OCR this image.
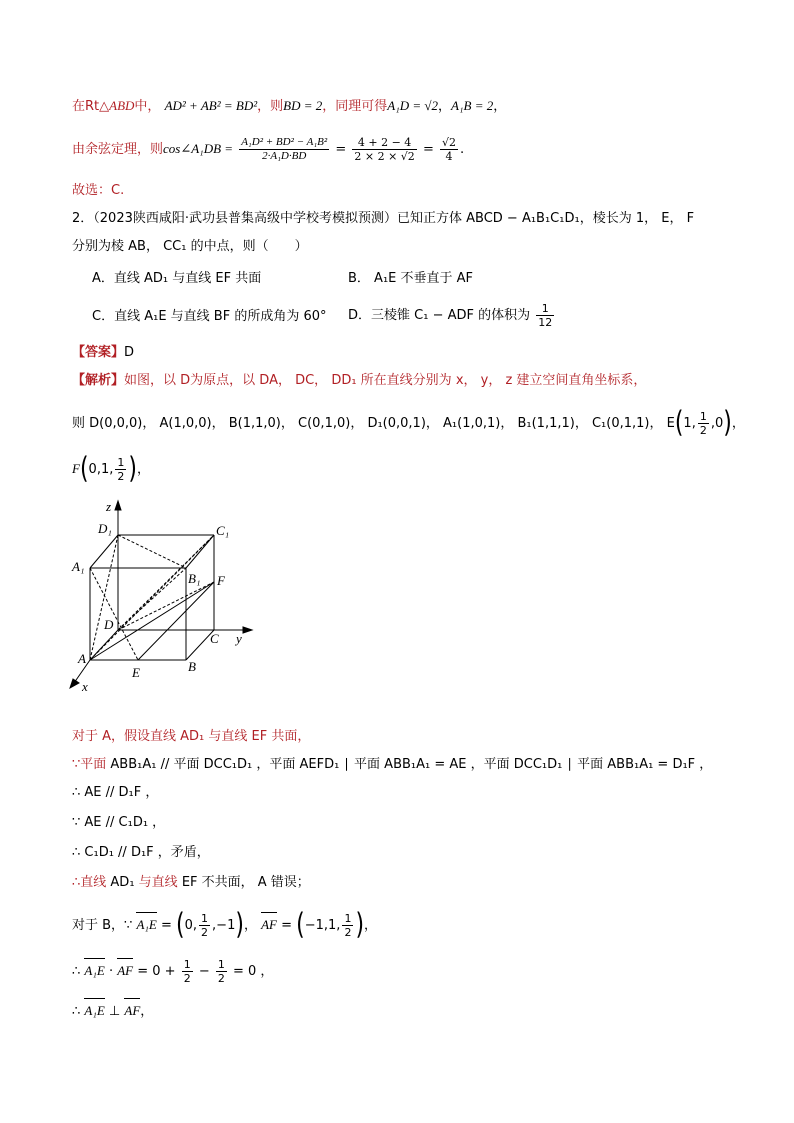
在Rt△ABD中， AD² + AB² = BD²，则BD = 2，同理可得A₁D = √2，A₁B = 2，
由余弦定理，则cos∠A₁DB = $\frac{\text{A₁D² + BD² − A₁B²}}{\text{2·A₁D·BD}} = \frac{4 + 2 - 4}{2 \times 2 \times √2} = \frac{√2}{4}$ .
故选：C.
2．（2023陕西咸阳·武功县普集高级中学校考模拟预测）已知正方体 ABCD − A₁B₁C₁D₁，棱长为 1， E， F
分别为棱 AB， CC₁ 的中点，则（　　）
A．直线 AD₁ 与直线 EF 共面	B． A₁E 不垂直于 AF
C．直线 A₁E 与直线 BF 的所成角为 60° D．三棱锥 C₁ − ADF 的体积为 $\frac{1}{12}$
【答案】D
【解析】如图，以 D为原点，以 DA， DC， DD₁ 所在直线分别为 x， y， z 建立空间直角坐标系，
则 D(0,0,0)， A(1,0,0)， B(1,1,0)， C(0,1,0)， D₁(0,0,1)， A₁(1,0,1)， B₁(1,1,1)， C₁(0,1,1)， E(1, $\frac{1}{2} ,0$)，
F(0,1, $\frac{1}{2}$ )，
z
y
x
D₁	C₁
A₁
B₁ F
D
C
A
B
E
对于 A，假设直线 AD₁ 与直线 EF 共面，
∵平面 ABB₁A₁ // 平面 DCC₁D₁ ，平面 AEFD₁ ∣ 平面 ABB₁A₁ = AE ，平面 DCC₁D₁ ∣ 平面 ABB₁A₁ = D₁F ，
∴ AE // D₁F ，
∵ AE // C₁D₁ ，
∴ C₁D₁ // D₁F ，矛盾，
∴直线 AD₁ 与直线 EF 不共面， A 错误；
对于 B，∵ A₁E = (0, $\frac{1}{2} ,-1$)， AF = (−1,1, $\frac{1}{2}$ )，
∴ A₁E · AF = $0 + \frac{1}{2} - \frac{1}{2} = 0$ ，
∴ A₁E ⊥ AF，
